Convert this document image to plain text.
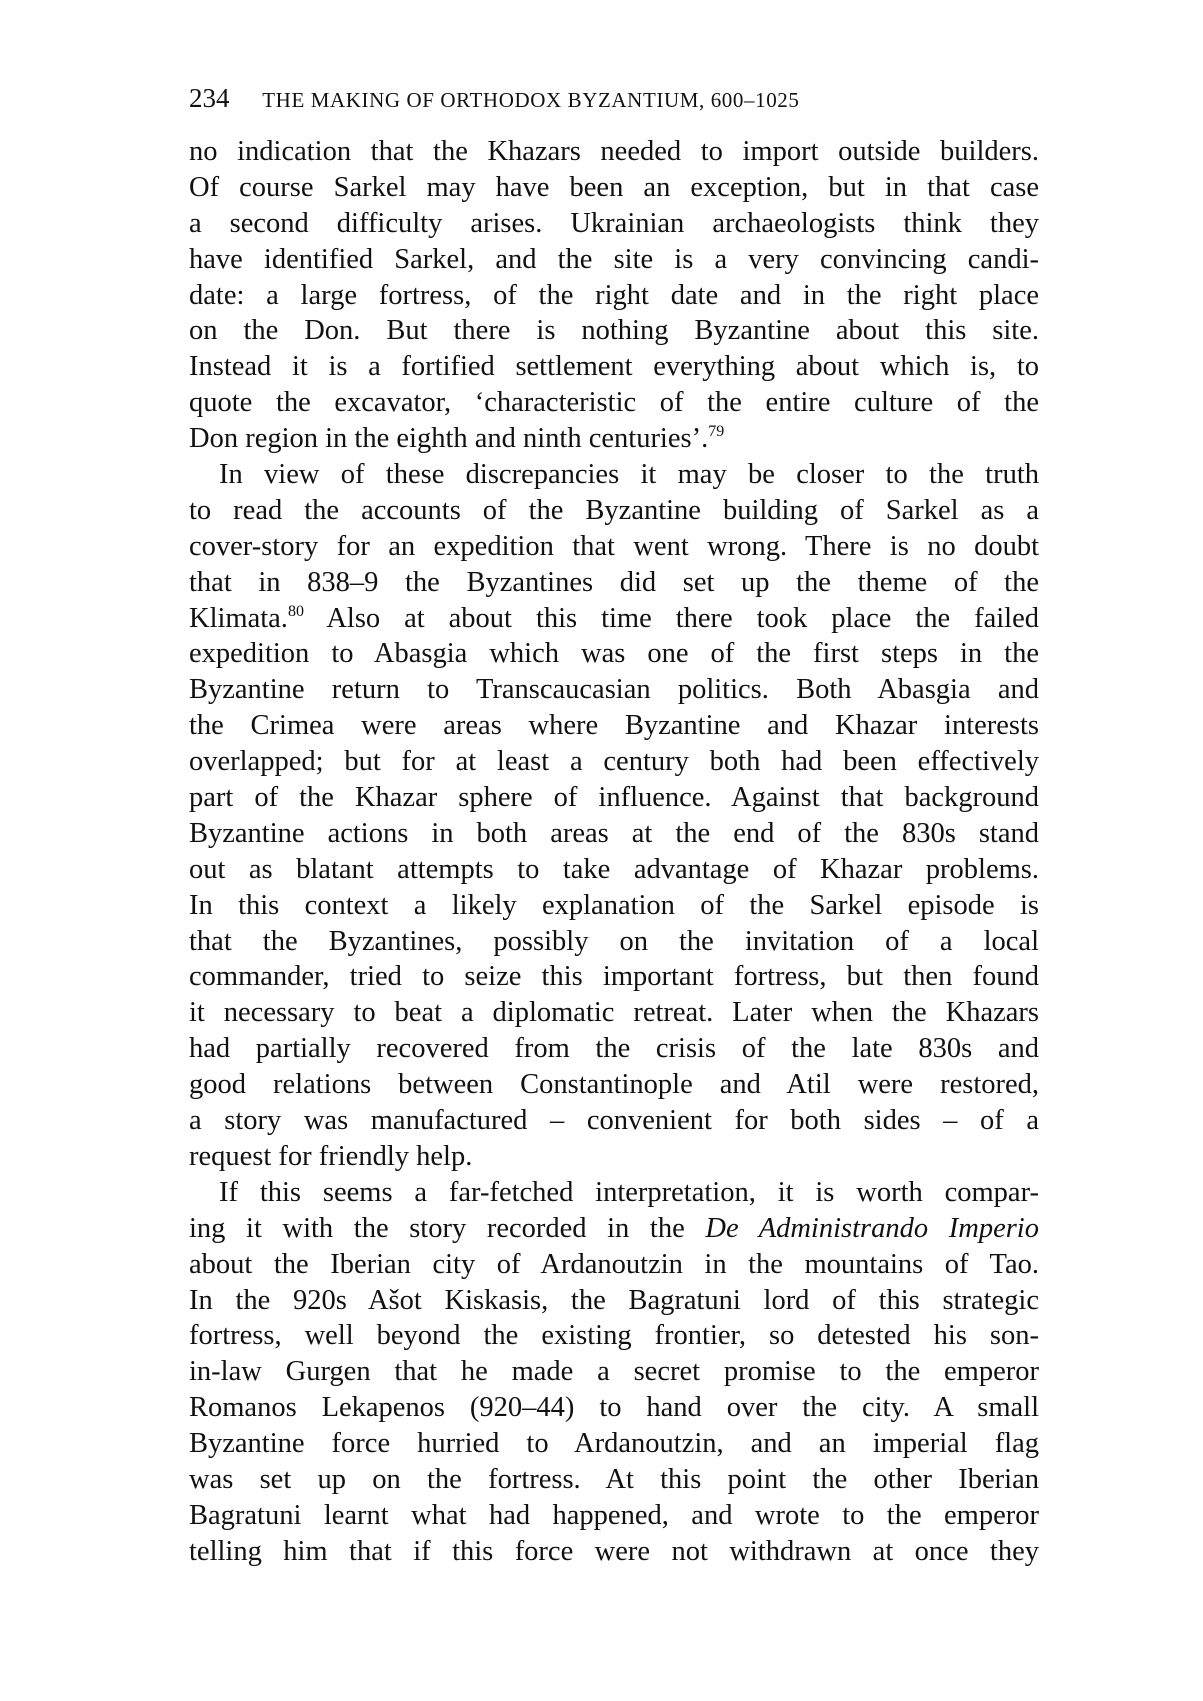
234 THE MAKING OF ORTHODOX BYZANTIUM, 600–1025
no indication that the Khazars needed to import outside builders.
Of course Sarkel may have been an exception, but in that case
a second difficulty arises. Ukrainian archaeologists think they
have identified Sarkel, and the site is a very convincing candi-
date: a large fortress, of the right date and in the right place
on the Don. But there is nothing Byzantine about this site.
Instead it is a fortified settlement everything about which is, to
quote the excavator, ‘characteristic of the entire culture of the
Don region in the eighth and ninth centuries’.$^{79}$
In view of these discrepancies it may be closer to the truth
to read the accounts of the Byzantine building of Sarkel as a
cover-story for an expedition that went wrong. There is no doubt
that in 838–9 the Byzantines did set up the theme of the
Klimata.$^{80}$ Also at about this time there took place the failed
expedition to Abasgia which was one of the first steps in the
Byzantine return to Transcaucasian politics. Both Abasgia and
the Crimea were areas where Byzantine and Khazar interests
overlapped; but for at least a century both had been effectively
part of the Khazar sphere of influence. Against that background
Byzantine actions in both areas at the end of the 830s stand
out as blatant attempts to take advantage of Khazar problems.
In this context a likely explanation of the Sarkel episode is
that the Byzantines, possibly on the invitation of a local
commander, tried to seize this important fortress, but then found
it necessary to beat a diplomatic retreat. Later when the Khazars
had partially recovered from the crisis of the late 830s and
good relations between Constantinople and Atil were restored,
a story was manufactured – convenient for both sides – of a
request for friendly help.
If this seems a far-fetched interpretation, it is worth compar-
ing it with the story recorded in the De Administrando Imperio
about the Iberian city of Ardanoutzin in the mountains of Tao.
In the 920s Ašot Kiskasis, the Bagratuni lord of this strategic
fortress, well beyond the existing frontier, so detested his son-
in-law Gurgen that he made a secret promise to the emperor
Romanos Lekapenos (920–44) to hand over the city. A small
Byzantine force hurried to Ardanoutzin, and an imperial flag
was set up on the fortress. At this point the other Iberian
Bagratuni learnt what had happened, and wrote to the emperor
telling him that if this force were not withdrawn at once they
